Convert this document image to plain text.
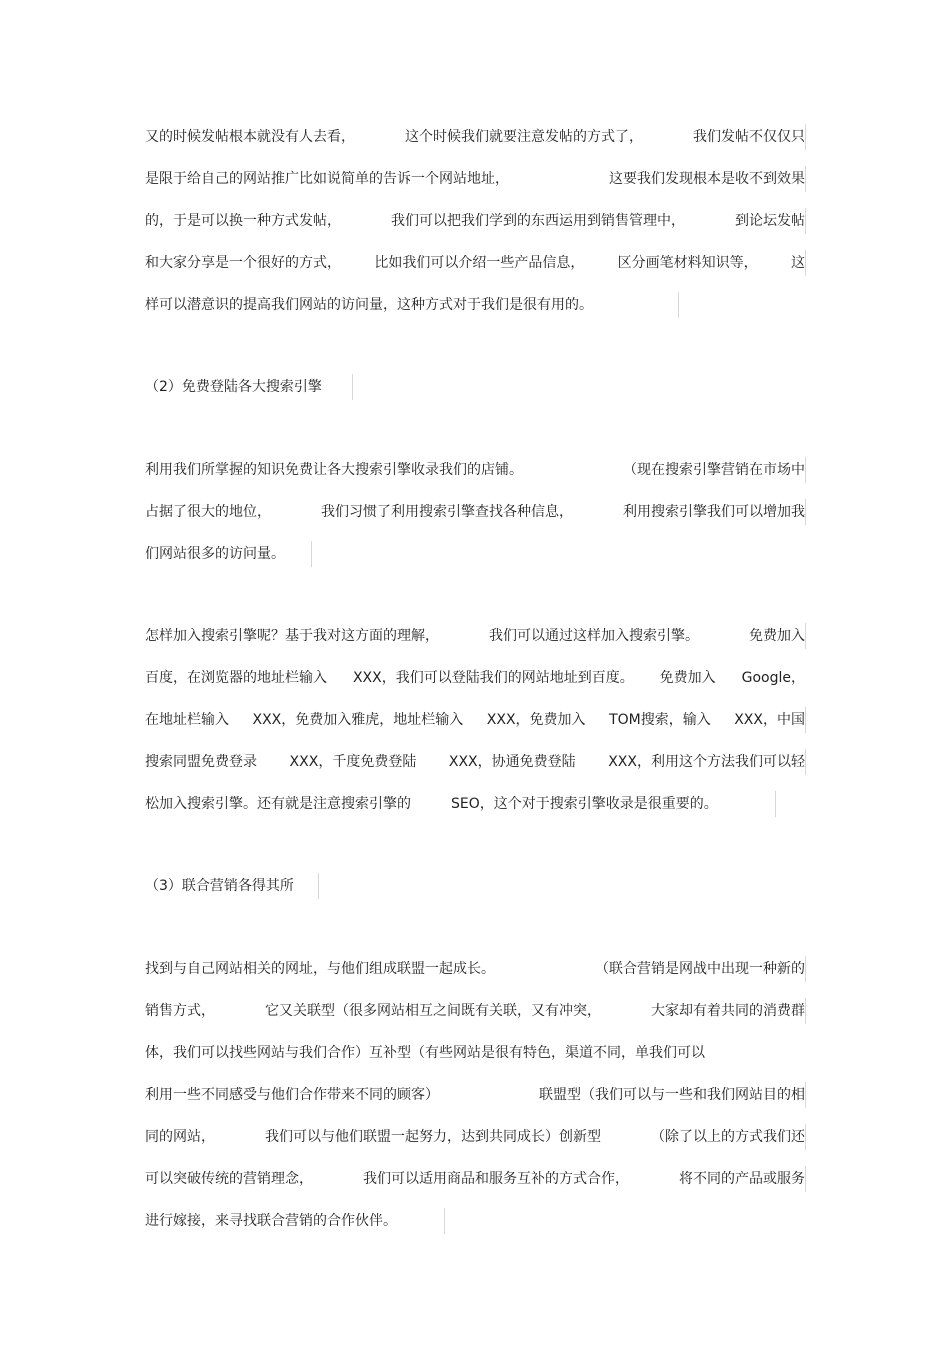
又的时候发帖根本就没有人去看，	这个时候我们就要注意发帖的方式了，	我们发帖不仅仅只
是限于给自己的网站推广比如说简单的告诉一个网站地址，	这要我们发现根本是收不到效果
的，于是可以换一种方式发帖，	我们可以把我们学到的东西运用到销售管理中，	到论坛发帖
和大家分享是一个很好的方式， 比如我们可以介绍一些产品信息， 区分画笔材料知识等， 这
样可以潜意识的提高我们网站的访问量，这种方式对于我们是很有用的。
（2）免费登陆各大搜索引擎
利用我们所掌握的知识免费让各大搜索引擎收录我们的店铺。	（现在搜索引擎营销在市场中
占据了很大的地位，	我们习惯了利用搜索引擎查找各种信息，	利用搜索引擎我们可以增加我
们网站很多的访问量。
怎样加入搜索引擎呢？基于我对这方面的理解，	我们可以通过这样加入搜索引擎。	免费加入
百度，在浏览器的地址栏输入 XXX，我们可以登陆我们的网站地址到百度。 免费加入 Google，
在地址栏输入 XXX，免费加入雅虎，地址栏输入 XXX，免费加入 TOM搜索，输入 XXX，中国
搜索同盟免费登录 XXX，千度免费登陆 XXX，协通免费登陆 XXX，利用这个方法我们可以轻
松加入搜索引擎。还有就是注意搜索引擎的	SEO，这个对于搜索引擎收录是很重要的。
（3）联合营销各得其所
找到与自己网站相关的网址，与他们组成联盟一起成长。	（联合营销是网战中出现一种新的
销售方式，	它又关联型（很多网站相互之间既有关联，又有冲突，	大家却有着共同的消费群
体，我们可以找些网站与我们合作）互补型（有些网站是很有特色，渠道不同，单我们可以
利用一些不同感受与他们合作带来不同的顾客）	联盟型（我们可以与一些和我们网站目的相
同的网站，	我们可以与他们联盟一起努力，达到共同成长）创新型	（除了以上的方式我们还
可以突破传统的营销理念，	我们可以适用商品和服务互补的方式合作，	将不同的产品或服务
进行嫁接，来寻找联合营销的合作伙伴。
